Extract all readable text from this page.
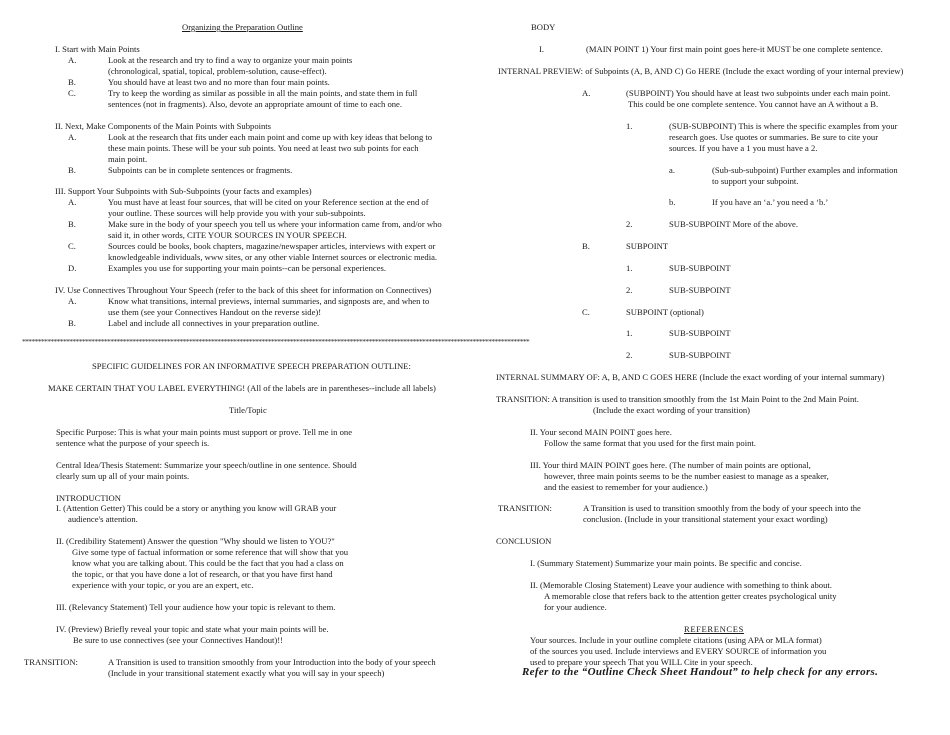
Organizing the Preparation Outline
I. Start with Main Points
A.	Look at the research and try to find a way to organize your main points
(chronological, spatial, topical, problem-solution, cause-effect).
B.	You should have at least two and no more than four main points.
C.	Try to keep the wording as similar as possible in all the main points, and state them in full
sentences (not in fragments). Also, devote an appropriate amount of time to each one.
II. Next, Make Components of the Main Points with Subpoints
A.	Look at the research that fits under each main point and come up with key ideas that belong to
these main points. These will be your sub points. You need at least two sub points for each
main point.
B.	Subpoints can be in complete sentences or fragments.
III. Support Your Subpoints with Sub-Subpoints (your facts and examples)
A.	You must have at least four sources, that will be cited on your Reference section at the end of
your outline. These sources will help provide you with your sub-subpoints.
B.	Make sure in the body of your speech you tell us where your information came from, and/or who
said it, in other words, CITE YOUR SOURCES IN YOUR SPEECH.
C.	Sources could be books, book chapters, magazine/newspaper articles, interviews with expert or
knowledgeable individuals, www sites, or any other viable Internet sources or electronic media.
D.	Examples you use for supporting your main points--can be personal experiences.
IV. Use Connectives Throughout Your Speech (refer to the back of this sheet for information on Connectives)
A.	Know what transitions, internal previews, internal summaries, and signposts are, and when to
use them (see your Connectives Handout on the reverse side)!
B.	Label and include all connectives in your preparation outline.
*****************************************************************************************************************************************************************
SPECIFIC GUIDELINES FOR AN INFORMATIVE SPEECH PREPARATION OUTLINE:
MAKE CERTAIN THAT YOU LABEL EVERYTHING! (All of the labels are in parentheses--include all labels)
Title/Topic
Specific Purpose: This is what your main points must support or prove. Tell me in one
sentence what the purpose of your speech is.
Central Idea/Thesis Statement: Summarize your speech/outline in one sentence. Should
clearly sum up all of your main points.
INTRODUCTION
I. (Attention Getter) This could be a story or anything you know will GRAB your
audience's attention.
II. (Credibility Statement) Answer the question "Why should we listen to YOU?"
Give some type of factual information or some reference that will show that you
know what you are talking about. This could be the fact that you had a class on
the topic, or that you have done a lot of research, or that you have first hand
experience with your topic, or you are an expert, etc.
III. (Relevancy Statement) Tell your audience how your topic is relevant to them.
IV. (Preview) Briefly reveal your topic and state what your main points will be.
Be sure to use connectives (see your Connectives Handout)!!
TRANSITION:	A Transition is used to transition smoothly from your Introduction into the body of your speech
(Include in your transitional statement exactly what you will say in your speech)
BODY
I.	(MAIN POINT 1) Your first main point goes here-it MUST be one complete sentence.
INTERNAL PREVIEW: of Subpoints (A, B, AND C) Go HERE (Include the exact wording of your internal preview)
A.	(SUBPOINT) You should have at least two subpoints under each main point.
This could be one complete sentence. You cannot have an A without a B.
1.	(SUB-SUBPOINT) This is where the specific examples from your
research goes. Use quotes or summaries. Be sure to cite your
sources. If you have a 1 you must have a 2.
a.	(Sub-sub-subpoint) Further examples and information
to support your subpoint.
b.	If you have an ‘a.’ you need a ‘b.’
2.	SUB-SUBPOINT More of the above.
B.	SUBPOINT
1.	SUB-SUBPOINT
2.	SUB-SUBPOINT
C.	SUBPOINT (optional)
1.	SUB-SUBPOINT
2.	SUB-SUBPOINT
INTERNAL SUMMARY OF: A, B, AND C GOES HERE (Include the exact wording of your internal summary)
TRANSITION: A transition is used to transition smoothly from the 1st Main Point to the 2nd Main Point.
(Include the exact wording of your transition)
II. Your second MAIN POINT goes here.
Follow the same format that you used for the first main point.
III. Your third MAIN POINT goes here. (The number of main points are optional,
however, three main points seems to be the number easiest to manage as a speaker,
and the easiest to remember for your audience.)
TRANSITION:	A Transition is used to transition smoothly from the body of your speech into the
conclusion. (Include in your transitional statement your exact wording)
CONCLUSION
I. (Summary Statement) Summarize your main points. Be specific and concise.
II. (Memorable Closing Statement) Leave your audience with something to think about.
A memorable close that refers back to the attention getter creates psychological unity
for your audience.
REFERENCES
Your sources. Include in your outline complete citations (using APA or MLA format)
of the sources you used. Include interviews and EVERY SOURCE of information you
used to prepare your speech That you WILL Cite in your speech.
Refer to the “Outline Check Sheet Handout” to help check for any errors.
